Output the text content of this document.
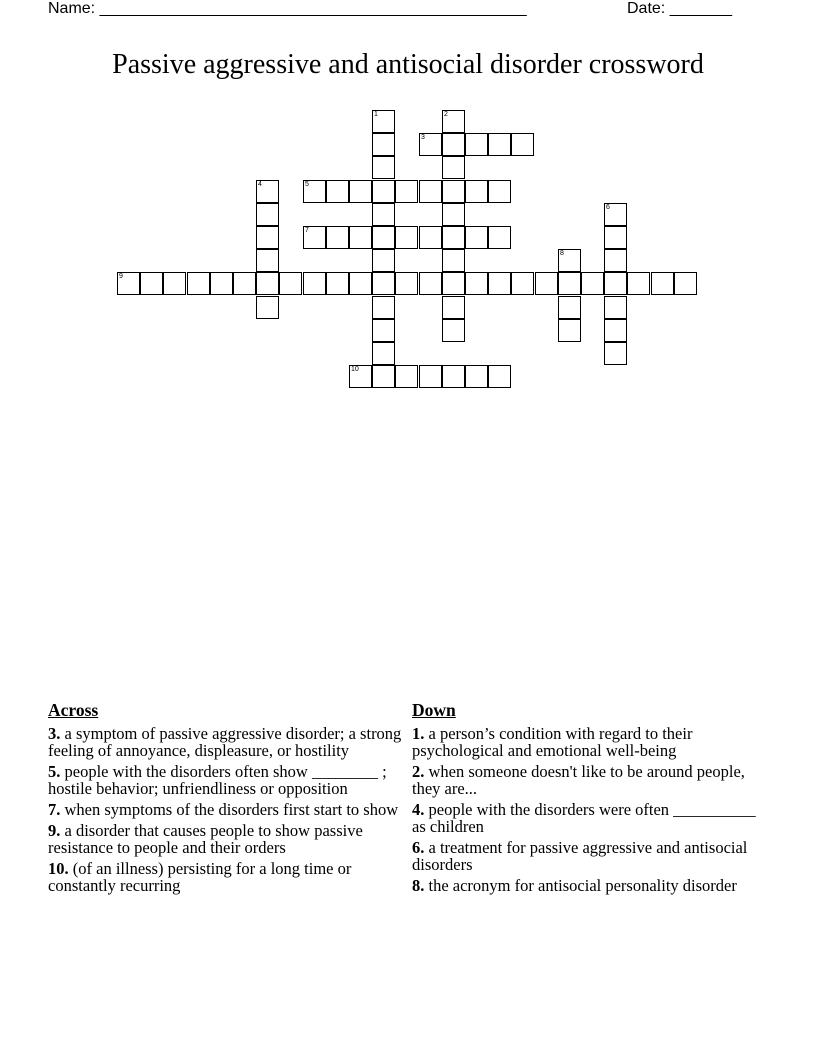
Name: ________________________________________________	Date: _______
Passive aggressive and antisocial disorder crossword
1	2
3
4	5
6
7
8
9
10
Across
3. a symptom of passive aggressive disorder; a strong feeling of annoyance, displeasure, or hostility
5. people with the disorders often show ________ ; hostile behavior; unfriendliness or opposition
7. when symptoms of the disorders first start to show
9. a disorder that causes people to show passive resistance to people and their orders
10. (of an illness) persisting for a long time or constantly recurring
Down
1. a person’s condition with regard to their psychological and emotional well-being
2. when someone doesn't like to be around people, they are...
4. people with the disorders were often __________ as children
6. a treatment for passive aggressive and antisocial disorders
8. the acronym for antisocial personality disorder
